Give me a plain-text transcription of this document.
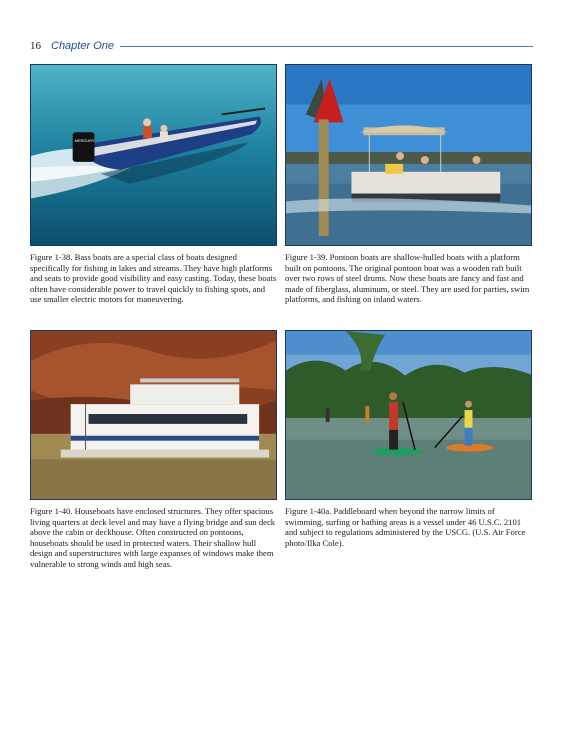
16 Chapter One
MERCURY
Figure 1-38. Bass boats are a special class of boats designed specifically for fishing in lakes and streams. They have high platforms and seats to provide good visibility and easy casting. Today, these boats often have considerable power to travel quickly to fishing spots, and use smaller electric motors for maneuvering.
Figure 1-39. Pontoon boats are shallow-hulled boats with a platform built on pontoons. The original pontoon boat was a wooden raft built over two rows of steel drums. Now these boats are fancy and fast and made of fiberglass, aluminum, or steel. They are used for parties, swim platforms, and fishing on inland waters.
Figure 1-40. Houseboats have enclosed structures. They offer spacious living quarters at deck level and may have a flying bridge and sun deck above the cabin or deckhouse. Often constructed on pontoons, houseboats should be used in protected waters. Their shallow hull design and superstructures with large expanses of windows make them vulnerable to strong winds and high seas.
Figure 1-40a. Paddleboard when beyond the narrow limits of swimming, surfing or bathing areas is a vessel under 46 U.S.C. 2101 and subject to regulations administered by the USCG. (U.S. Air Force photo/Ilka Cole).
